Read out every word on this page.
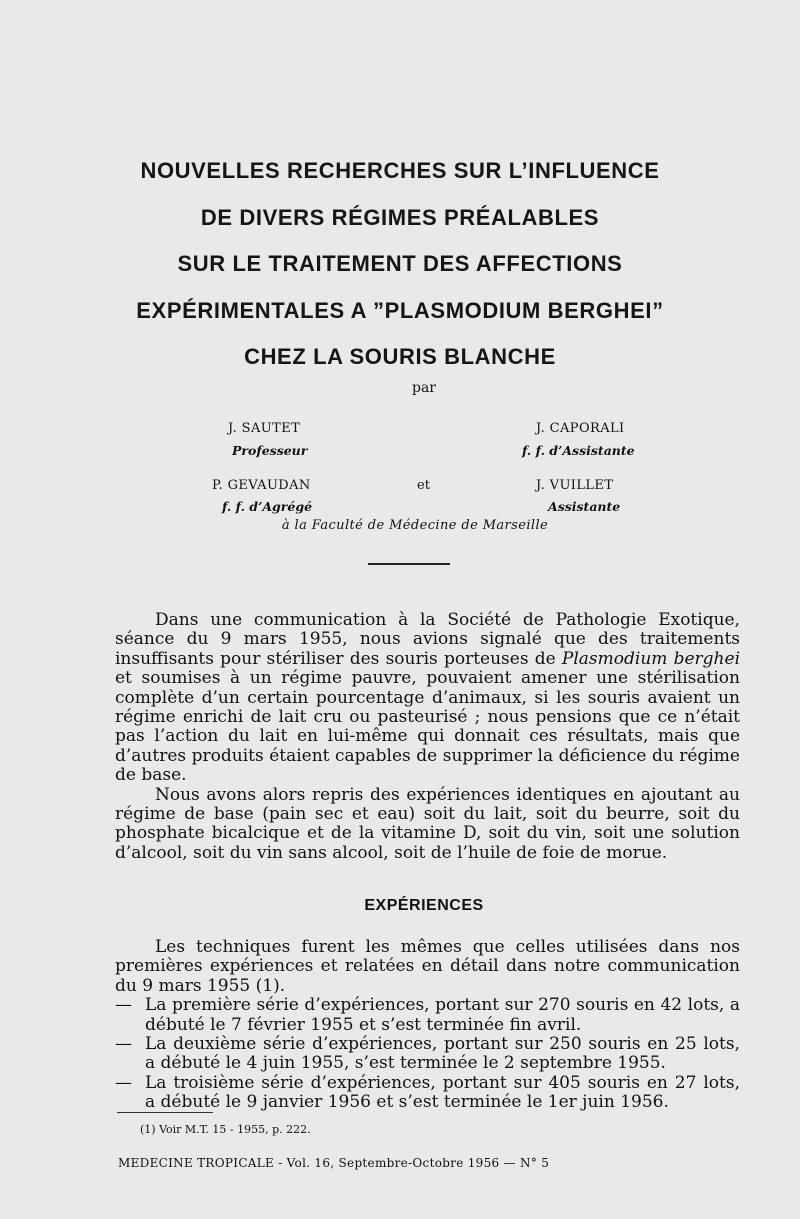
NOUVELLES RECHERCHES SUR L’INFLUENCE
DE DIVERS RÉGIMES PRÉALABLES
SUR LE TRAITEMENT DES AFFECTIONS
EXPÉRIMENTALES A ”PLASMODIUM BERGHEI”
CHEZ LA SOURIS BLANCHE
par
J. SAUTET
Professeur
J. CAPORALI
f. f. d’Assistante
P. GEVAUDAN
f. f. d’Agrégé
et	J. VUILLET
Assistante
à la Faculté de Médecine de Marseille

Dans une communication à la Société de Pathologie Exotique, séance du 9 mars 1955, nous avions signalé que des traitements insuffisants pour stériliser des souris porteuses de Plasmodium berghei et soumises à un régime pauvre, pouvaient amener une stérilisation complète d’un certain pourcentage d’animaux, si les souris avaient un régime enrichi de lait cru ou pasteurisé ; nous pensions que ce n’était pas l’action du lait en lui-même qui donnait ces résultats, mais que d’autres produits étaient capables de supprimer la déficience du régime de base.

Nous avons alors repris des expériences identiques en ajoutant au régime de base (pain sec et eau) soit du lait, soit du beurre, soit du phosphate bicalcique et de la vitamine D, soit du vin, soit une solution d’alcool, soit du vin sans alcool, soit de l’huile de foie de morue.

EXPÉRIENCES

Les techniques furent les mêmes que celles utilisées dans nos premières expériences et relatées en détail dans notre communication du 9 mars 1955 (1).

— La première série d’expériences, portant sur 270 souris en 42 lots, a débuté le 7 février 1955 et s’est terminée fin avril.
— La deuxième série d’expériences, portant sur 250 souris en 25 lots, a débuté le 4 juin 1955, s’est terminée le 2 septembre 1955.
— La troisième série d’expériences, portant sur 405 souris en 27 lots, a débuté le 9 janvier 1956 et s’est terminée le 1er juin 1956.
(1) Voir M.T. 15 - 1955, p. 222.
MEDECINE TROPICALE - Vol. 16, Septembre-Octobre 1956 — N° 5
